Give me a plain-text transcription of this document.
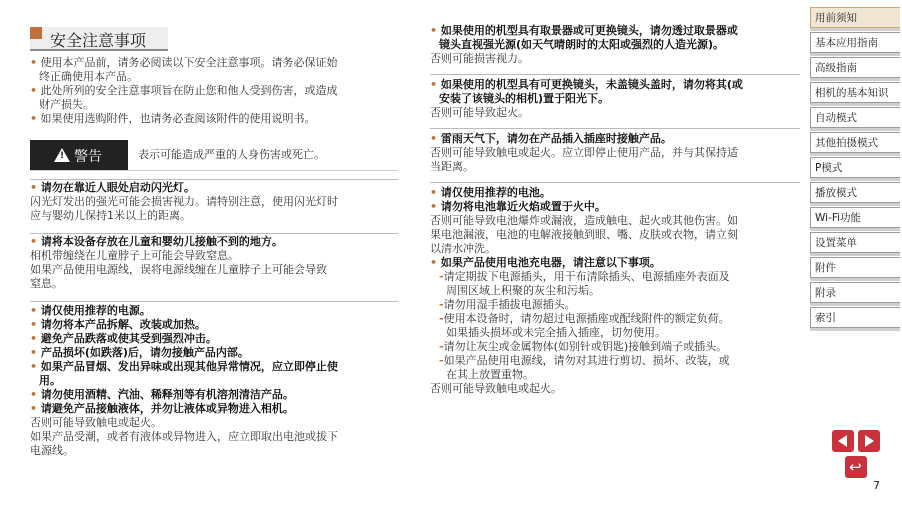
安全注意事项
• 使用本产品前，请务必阅读以下安全注意事项。请务必保证始
终正确使用本产品。
• 此处所列的安全注意事项旨在防止您和他人受到伤害，或造成
财产损失。
• 如果使用选购附件，也请务必查阅该附件的使用说明书。
! 警告	表示可能造成严重的人身伤害或死亡。
• 请勿在靠近人眼处启动闪光灯。
闪光灯发出的强光可能会损害视力。请特别注意，使用闪光灯时
应与婴幼儿保持1米以上的距离。
• 请将本设备存放在儿童和婴幼儿接触不到的地方。
相机带缠绕在儿童脖子上可能会导致窒息。
如果产品使用电源线，误将电源线缠在儿童脖子上可能会导致
窒息。
• 请仅使用推荐的电源。
• 请勿将本产品拆解、改装或加热。
• 避免产品跌落或使其受到强烈冲击。
• 产品损坏(如跌落)后，请勿接触产品内部。
• 如果产品冒烟、发出异味或出现其他异常情况，应立即停止使
用。
• 请勿使用酒精、汽油、稀释剂等有机溶剂清洁产品。
• 请避免产品接触液体，并勿让液体或异物进入相机。
否则可能导致触电或起火。
如果产品受潮，或者有液体或异物进入，应立即取出电池或拔下
电源线。
• 如果使用的机型具有取景器或可更换镜头，请勿透过取景器或
镜头直视强光源(如天气晴朗时的太阳或强烈的人造光源)。
否则可能损害视力。
• 如果使用的机型具有可更换镜头，未盖镜头盖时，请勿将其(或
安装了该镜头的相机)置于阳光下。
否则可能导致起火。
• 雷雨天气下，请勿在产品插入插座时接触产品。
否则可能导致触电或起火。应立即停止使用产品，并与其保持适
当距离。
• 请仅使用推荐的电池。
• 请勿将电池靠近火焰或置于火中。
否则可能导致电池爆炸或漏液，造成触电、起火或其他伤害。如
果电池漏液，电池的电解液接触到眼、嘴、皮肤或衣物，请立刻
以清水冲洗。
• 如果产品使用电池充电器，请注意以下事项。
-请定期拔下电源插头，用干布清除插头、电源插座外表面及
周围区域上积聚的灰尘和污垢。
-请勿用湿手插拔电源插头。
-使用本设备时，请勿超过电源插座或配线附件的额定负荷。
如果插头损坏或未完全插入插座，切勿使用。
-请勿让灰尘或金属物体(如别针或钥匙)接触到端子或插头。
-如果产品使用电源线，请勿对其进行剪切、损坏、改装，或
在其上放置重物。
否则可能导致触电或起火。
用前须知
基本应用指南
高级指南
相机的基本知识
自动模式
其他拍摄模式
P模式
播放模式
Wi-Fi功能
设置菜单
附件
附录
索引
↩
7
